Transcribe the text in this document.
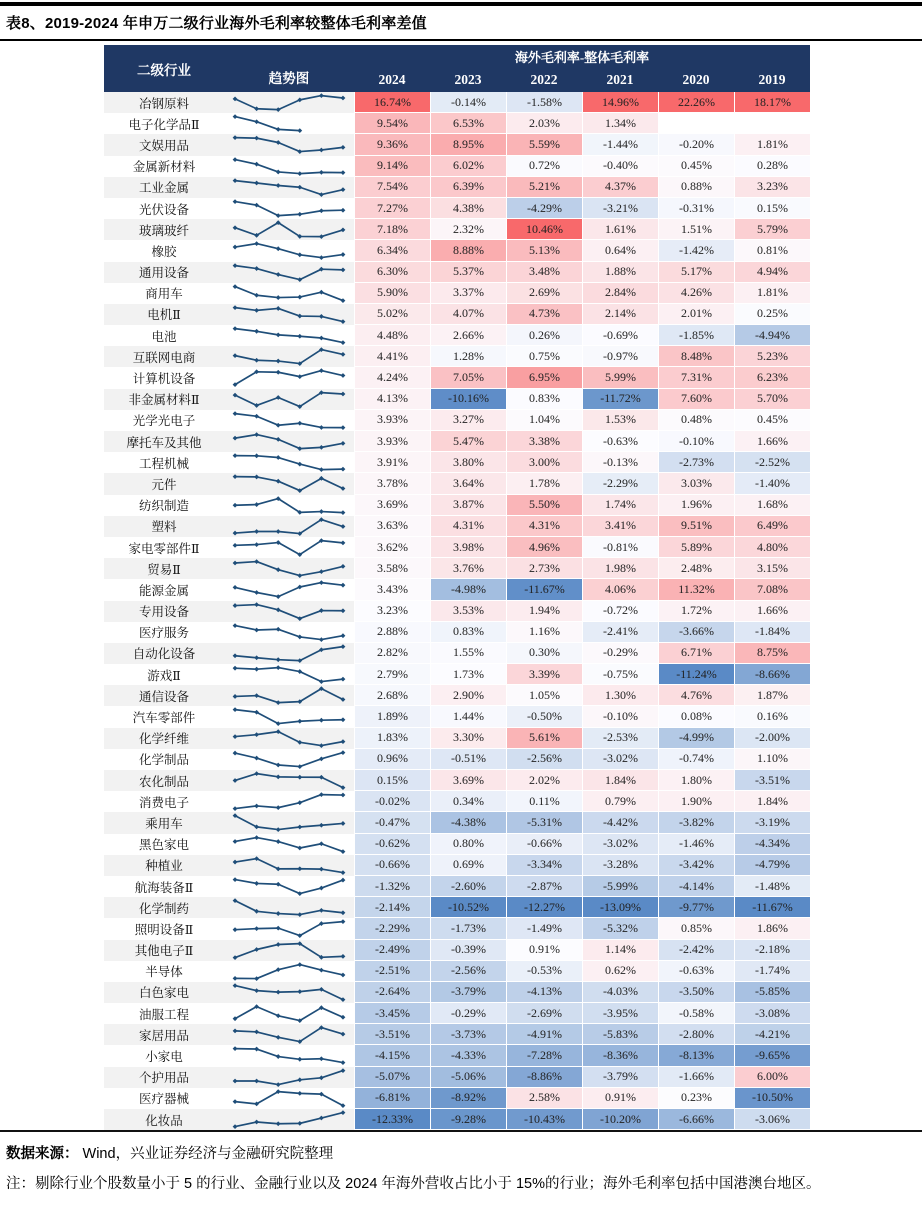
表8、2019-2024 年申万二级行业海外毛利率较整体毛利率差值
二级行业
趋势图
海外毛利率-整体毛利率
2024	2023	2022	2021	2020	2019
冶钢原料	16.74%	-0.14%	-1.58%	14.96%	22.26%	18.17%
电子化学品Ⅱ	9.54%	6.53%	2.03%	1.34%
文娱用品	9.36%	8.95%	5.59%	-1.44%	-0.20%	1.81%
金属新材料	9.14%	6.02%	0.72%	-0.40%	0.45%	0.28%
工业金属	7.54%	6.39%	5.21%	4.37%	0.88%	3.23%
光伏设备	7.27%	4.38%	-4.29%	-3.21%	-0.31%	0.15%
玻璃玻纤	7.18%	2.32%	10.46%	1.61%	1.51%	5.79%
橡胶	6.34%	8.88%	5.13%	0.64%	-1.42%	0.81%
通用设备	6.30%	5.37%	3.48%	1.88%	5.17%	4.94%
商用车	5.90%	3.37%	2.69%	2.84%	4.26%	1.81%
电机Ⅱ	5.02%	4.07%	4.73%	2.14%	2.01%	0.25%
电池	4.48%	2.66%	0.26%	-0.69%	-1.85%	-4.94%
互联网电商	4.41%	1.28%	0.75%	-0.97%	8.48%	5.23%
计算机设备	4.24%	7.05%	6.95%	5.99%	7.31%	6.23%
非金属材料Ⅱ	4.13%	-10.16%	0.83%	-11.72%	7.60%	5.70%
光学光电子	3.93%	3.27%	1.04%	1.53%	0.48%	0.45%
摩托车及其他	3.93%	5.47%	3.38%	-0.63%	-0.10%	1.66%
工程机械	3.91%	3.80%	3.00%	-0.13%	-2.73%	-2.52%
元件	3.78%	3.64%	1.78%	-2.29%	3.03%	-1.40%
纺织制造	3.69%	3.87%	5.50%	1.74%	1.96%	1.68%
塑料	3.63%	4.31%	4.31%	3.41%	9.51%	6.49%
家电零部件Ⅱ	3.62%	3.98%	4.96%	-0.81%	5.89%	4.80%
贸易Ⅱ	3.58%	3.76%	2.73%	1.98%	2.48%	3.15%
能源金属	3.43%	-4.98%	-11.67%	4.06%	11.32%	7.08%
专用设备	3.23%	3.53%	1.94%	-0.72%	1.72%	1.66%
医疗服务	2.88%	0.83%	1.16%	-2.41%	-3.66%	-1.84%
自动化设备	2.82%	1.55%	0.30%	-0.29%	6.71%	8.75%
游戏Ⅱ	2.79%	1.73%	3.39%	-0.75%	-11.24%	-8.66%
通信设备	2.68%	2.90%	1.05%	1.30%	4.76%	1.87%
汽车零部件	1.89%	1.44%	-0.50%	-0.10%	0.08%	0.16%
化学纤维	1.83%	3.30%	5.61%	-2.53%	-4.99%	-2.00%
化学制品	0.96%	-0.51%	-2.56%	-3.02%	-0.74%	1.10%
农化制品	0.15%	3.69%	2.02%	1.84%	1.80%	-3.51%
消费电子	-0.02%	0.34%	0.11%	0.79%	1.90%	1.84%
乘用车	-0.47%	-4.38%	-5.31%	-4.42%	-3.82%	-3.19%
黑色家电	-0.62%	0.80%	-0.66%	-3.02%	-1.46%	-4.34%
种植业	-0.66%	0.69%	-3.34%	-3.28%	-3.42%	-4.79%
航海装备Ⅱ	-1.32%	-2.60%	-2.87%	-5.99%	-4.14%	-1.48%
化学制药	-2.14%	-10.52%	-12.27%	-13.09%	-9.77%	-11.67%
照明设备Ⅱ	-2.29%	-1.73%	-1.49%	-5.32%	0.85%	1.86%
其他电子Ⅱ	-2.49%	-0.39%	0.91%	1.14%	-2.42%	-2.18%
半导体	-2.51%	-2.56%	-0.53%	0.62%	-0.63%	-1.74%
白色家电	-2.64%	-3.79%	-4.13%	-4.03%	-3.50%	-5.85%
油服工程	-3.45%	-0.29%	-2.69%	-3.95%	-0.58%	-3.08%
家居用品	-3.51%	-3.73%	-4.91%	-5.83%	-2.80%	-4.21%
小家电	-4.15%	-4.33%	-7.28%	-8.36%	-8.13%	-9.65%
个护用品	-5.07%	-5.06%	-8.86%	-3.79%	-1.66%	6.00%
医疗器械	-6.81%	-8.92%	2.58%	0.91%	0.23%	-10.50%
化妆品	-12.33%	-9.28%	-10.43%	-10.20%	-6.66%	-3.06%

数据来源： Wind，兴业证券经济与金融研究院整理

注：剔除行业个股数量小于 5 的行业、金融行业以及 2024 年海外营收占比小于 15%的行业；海外毛利率包括中国港澳台地区。
